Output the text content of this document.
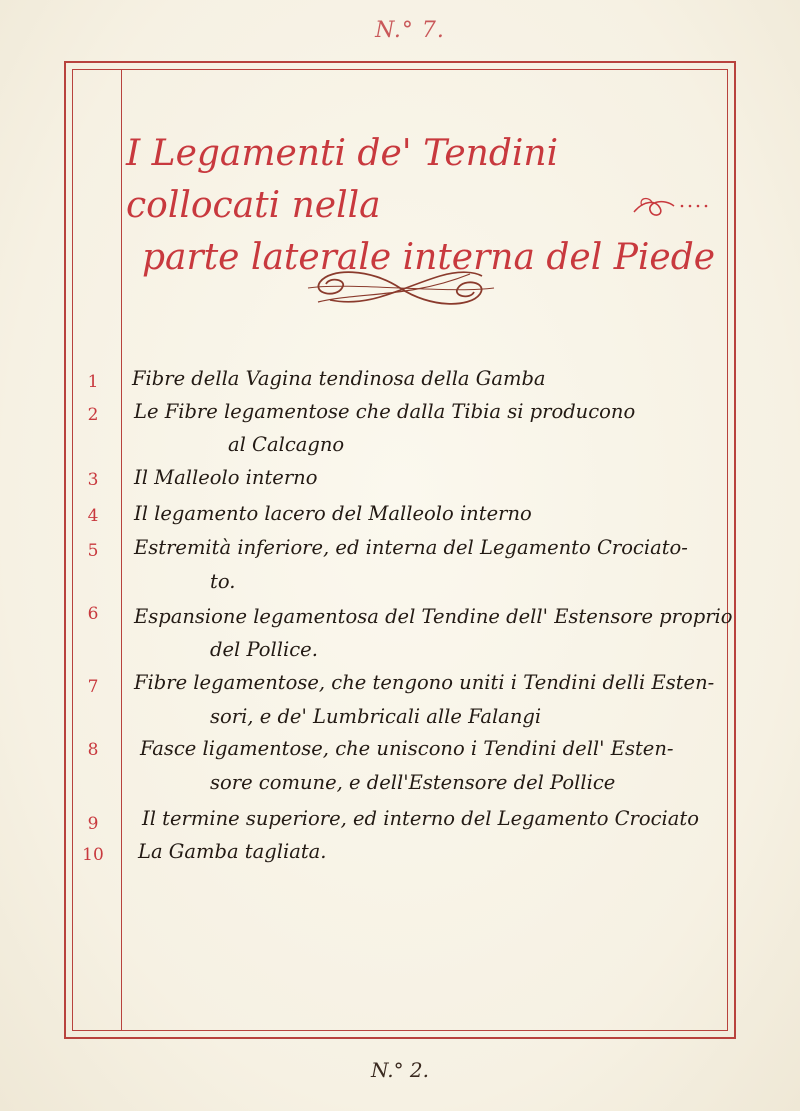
N.° 7.
I Legamenti de' Tendini collocati nella
parte laterale interna del Piede
1	Fibre della Vagina tendinosa della Gamba
2	Le Fibre legamentose che dalla Tibia si producono
al Calcagno
3	Il Malleolo interno
4	Il legamento lacero del Malleolo interno
5	Estremità inferiore, ed interna del Legamento Crociato-
to.
6	Espansione legamentosa del Tendine dell' Estensore proprio
del Pollice.
7	Fibre legamentose, che tengono uniti i Tendini delli Esten-
sori, e de' Lumbricali alle Falangi
8	Fasce ligamentose, che uniscono i Tendini dell' Esten-
sore comune, e dell'Estensore del Pollice
9	Il termine superiore, ed interno del Legamento Crociato
10 La Gamba tagliata.
N.° 2.
